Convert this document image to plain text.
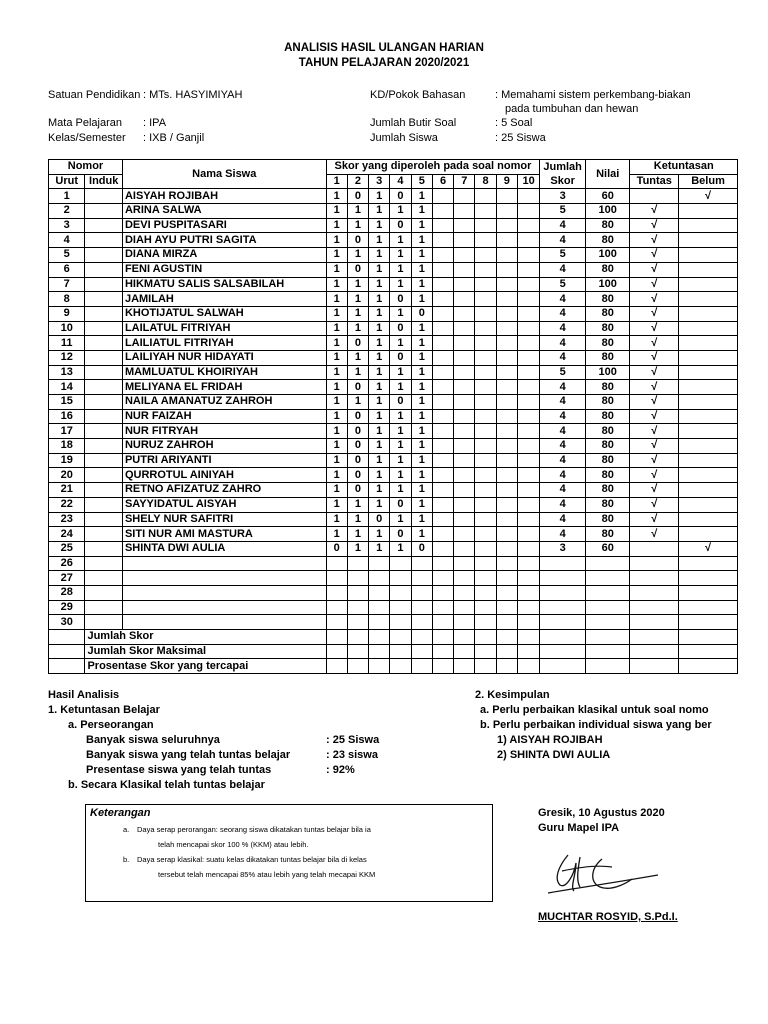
ANALISIS HASIL ULANGAN HARIAN
TAHUN PELAJARAN 2020/2021
Satuan Pendidikan : MTs. HASYIMIYAH
Mata Pelajaran : IPA
Kelas/Semester : IXB / Ganjil
KD/Pokok Bahasan	: Memahami sistem perkembang-biakan
pada tumbuhan dan hewan
Jumlah Butir Soal	: 5 Soal
Jumlah Siswa	: 25 Siswa
Nomor		Nama Siswa	Skor yang diperoleh pada soal nomor										Jumlah
Skor	Nilai	Ketuntasan	
Urut	Induk		1	2	3	4	5	6	7	8	9	10			Tuntas	Belum
1		AISYAH ROJIBAH	1	0	1	0	1						3	60		√
2		ARINA SALWA	1	1	1	1	1						5	100	√	
3		DEVI PUSPITASARI	1	1	1	0	1						4	80	√	
4		DIAH AYU PUTRI SAGITA	1	0	1	1	1						4	80	√	
5		DIANA MIRZA	1	1	1	1	1						5	100	√	
6		FENI AGUSTIN	1	0	1	1	1						4	80	√	
7		HIKMATU SALIS SALSABILAH	1	1	1	1	1						5	100	√	
8		JAMILAH	1	1	1	0	1						4	80	√	
9		KHOTIJATUL SALWAH	1	1	1	1	0						4	80	√	
10		LAILATUL FITRIYAH	1	1	1	0	1						4	80	√	
11		LAILIATUL FITRIYAH	1	0	1	1	1						4	80	√	
12		LAILIYAH NUR HIDAYATI	1	1	1	0	1						4	80	√	
13		MAMLUATUL KHOIRIYAH	1	1	1	1	1						5	100	√	
14		MELIYANA EL FRIDAH	1	0	1	1	1						4	80	√	
15		NAILA AMANATUZ ZAHROH	1	1	1	0	1						4	80	√	
16		NUR FAIZAH	1	0	1	1	1						4	80	√	
17		NUR FITRYAH	1	0	1	1	1						4	80	√	
18		NURUZ ZAHROH	1	0	1	1	1						4	80	√	
19		PUTRI ARIYANTI	1	0	1	1	1						4	80	√	
20		QURROTUL AINIYAH	1	0	1	1	1						4	80	√	
21		RETNO AFIZATUZ ZAHRO	1	0	1	1	1						4	80	√	
22		SAYYIDATUL AISYAH	1	1	1	0	1						4	80	√	
23		SHELY NUR SAFITRI	1	1	0	1	1						4	80	√	
24		SITI NUR AMI MASTURA	1	1	1	0	1						4	80	√	
25		SHINTA DWI AULIA	0	1	1	1	0						3	60		√
26																
27																
28																
29																
30																
	Jumlah Skor															
	Jumlah Skor Maksimal															
	Prosentase Skor yang tercapai															
Hasil Analisis
1. Ketuntasan Belajar
a. Perseorangan
Banyak siswa seluruhnya	: 25 Siswa
Banyak siswa yang telah tuntas belajar	: 23 siswa
Presentase siswa yang telah tuntas	: 92%
b. Secara Klasikal telah tuntas belajar
2. Kesimpulan
a. Perlu perbaikan klasikal untuk soal nomo
b. Perlu perbaikan individual siswa yang ber
1) AISYAH ROJIBAH
2) SHINTA DWI AULIA
Keterangan
a. Daya serap perorangan: seorang siswa dikatakan tuntas belajar bila ia
telah mencapai skor 100 % (KKM) atau lebih.
b. Daya serap klasikal: suatu kelas dikatakan tuntas belajar bila di kelas
tersebut telah mencapai 85% atau lebih yang telah mecapai KKM
Gresik, 10 Agustus 2020
Guru Mapel IPA
MUCHTAR ROSYID, S.Pd.I.
